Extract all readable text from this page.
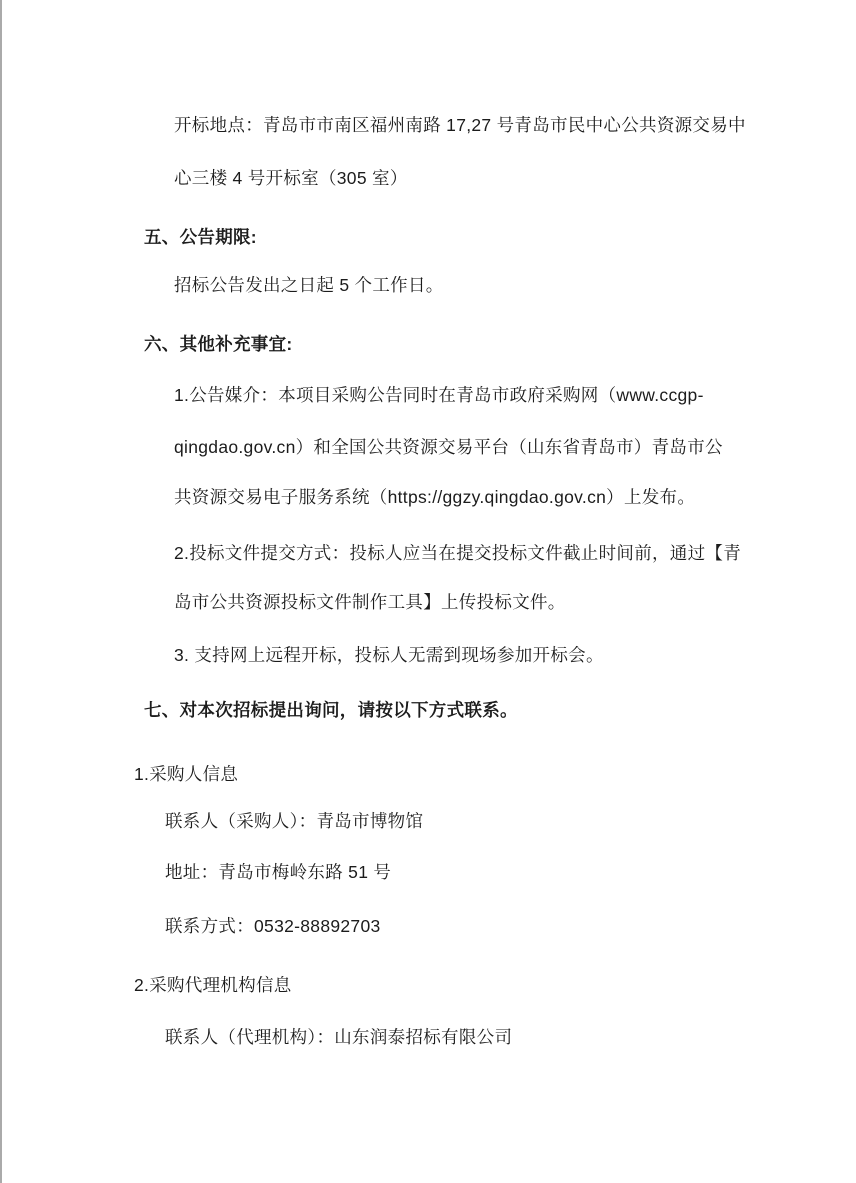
开标地点：青岛市市南区福州南路 17,27 号青岛市民中心公共资源交易中
心三楼 4 号开标室（305 室）
五、公告期限:
招标公告发出之日起 5 个工作日。
六、其他补充事宜:
1.公告媒介：本项目采购公告同时在青岛市政府采购网（www.ccgp-
qingdao.gov.cn）和全国公共资源交易平台（山东省青岛市）青岛市公
共资源交易电子服务系统（https://ggzy.qingdao.gov.cn）上发布。
2.投标文件提交方式：投标人应当在提交投标文件截止时间前，通过【青
岛市公共资源投标文件制作工具】上传投标文件。
3. 支持网上远程开标，投标人无需到现场参加开标会。
七、对本次招标提出询问，请按以下方式联系。
1.采购人信息
联系人（采购人）：青岛市博物馆
地址：青岛市梅岭东路 51 号
联系方式：0532-88892703
2.采购代理机构信息
联系人（代理机构）：山东润泰招标有限公司
